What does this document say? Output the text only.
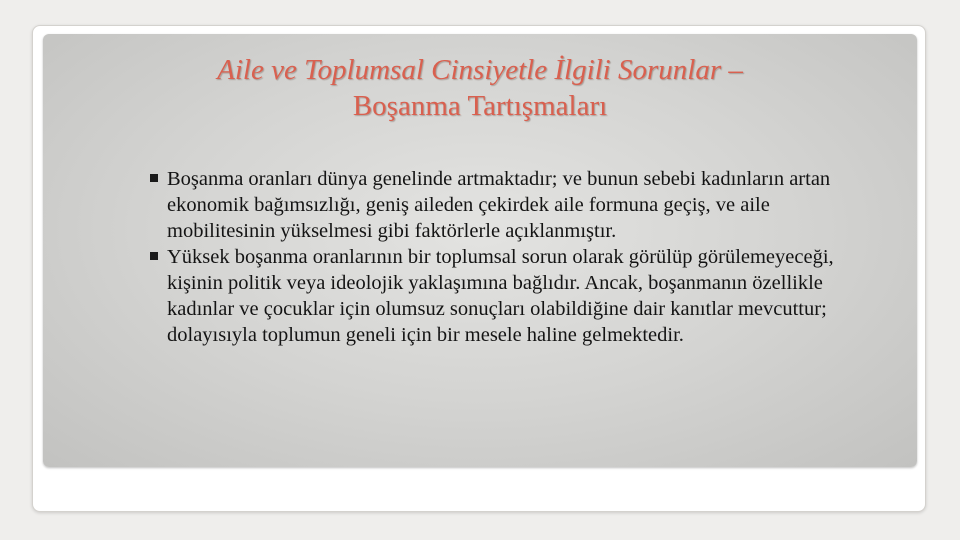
Aile ve Toplumsal Cinsiyetle İlgili Sorunlar –
Boşanma Tartışmaları
Boşanma oranları dünya genelinde artmaktadır; ve bunun sebebi kadınların artan ekonomik bağımsızlığı, geniş aileden çekirdek aile formuna geçiş, ve aile mobilitesinin yükselmesi gibi faktörlerle açıklanmıştır.
Yüksek boşanma oranlarının bir toplumsal sorun olarak görülüp görülemeyeceği, kişinin politik veya ideolojik yaklaşımına bağlıdır. Ancak, boşanmanın özellikle kadınlar ve çocuklar için olumsuz sonuçları olabildiğine dair kanıtlar mevcuttur; dolayısıyla toplumun geneli için bir mesele haline gelmektedir.
